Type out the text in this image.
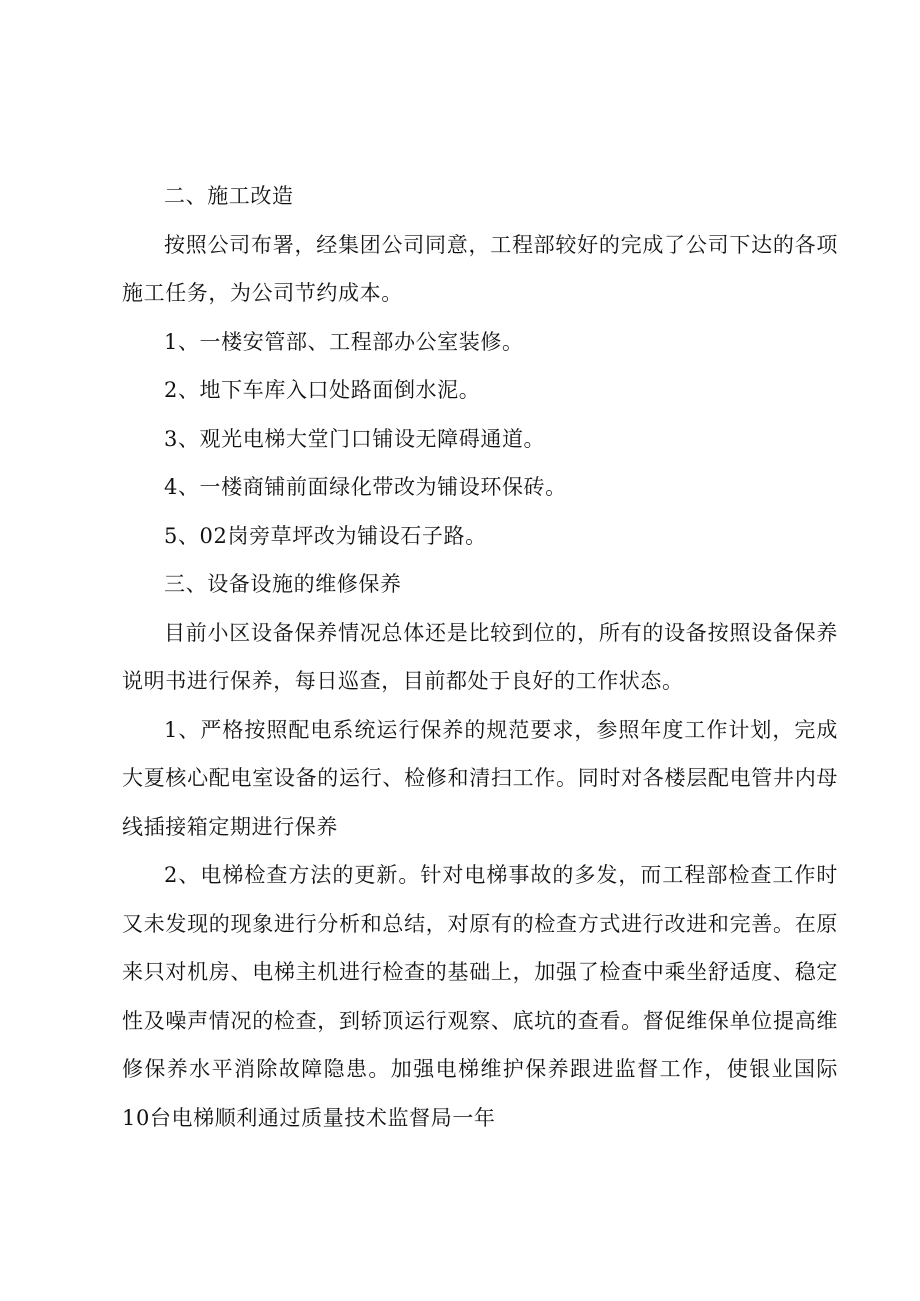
二、施工改造

按照公司布署，经集团公司同意，工程部较好的完成了公司下达的各项施工任务，为公司节约成本。

1、一楼安管部、工程部办公室装修。

2、地下车库入口处路面倒水泥。

3、观光电梯大堂门口铺设无障碍通道。

4、一楼商铺前面绿化带改为铺设环保砖。

5、02岗旁草坪改为铺设石子路。

三、设备设施的维修保养

目前小区设备保养情况总体还是比较到位的，所有的设备按照设备保养说明书进行保养，每日巡查，目前都处于良好的工作状态。

1、严格按照配电系统运行保养的规范要求，参照年度工作计划，完成大夏核心配电室设备的运行、检修和清扫工作。同时对各楼层配电管井内母线插接箱定期进行保养

2、电梯检查方法的更新。针对电梯事故的多发，而工程部检查工作时又未发现的现象进行分析和总结，对原有的检查方式进行改进和完善。在原来只对机房、电梯主机进行检查的基础上，加强了检查中乘坐舒适度、稳定性及噪声情况的检查，到轿顶运行观察、底坑的查看。督促维保单位提高维修保养水平消除故障隐患。加强电梯维护保养跟进监督工作，使银业国际10台电梯顺利通过质量技术监督局一年
